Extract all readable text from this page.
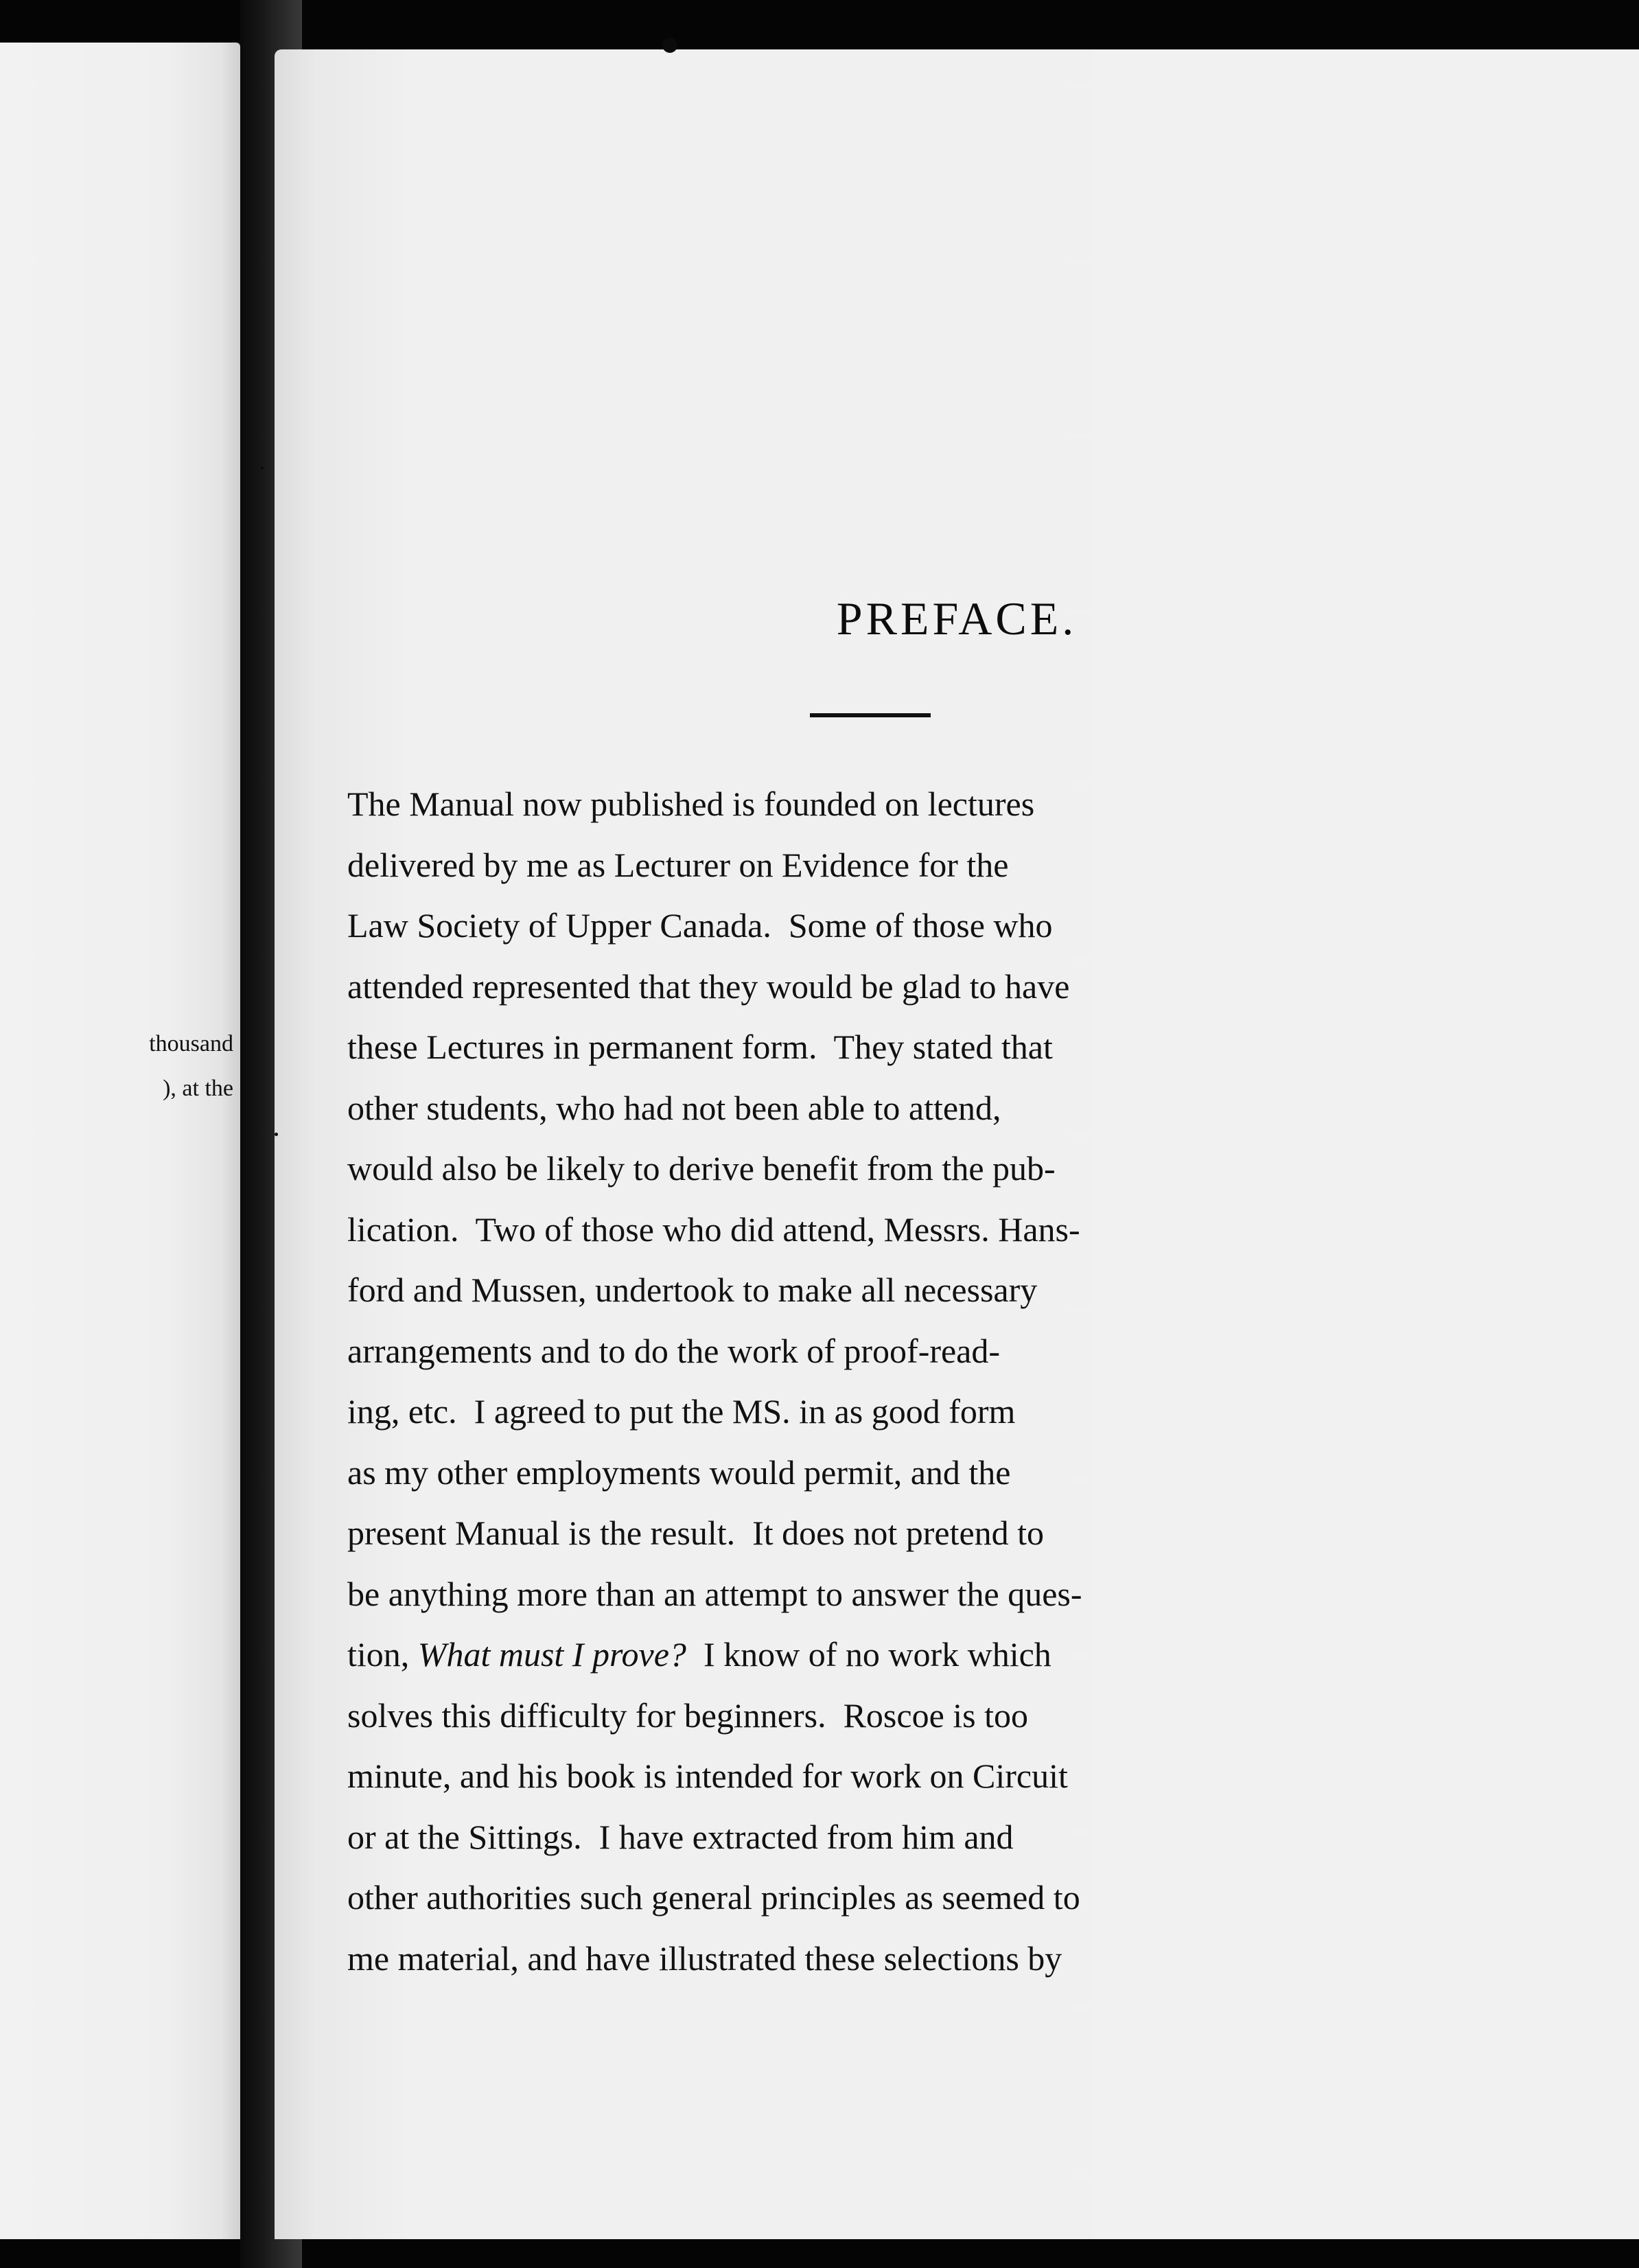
thousand
), at the
PREFACE.
The Manual now published is founded on lectures
delivered by me as Lecturer on Evidence for the
Law Society of Upper Canada.  Some of those who
attended represented that they would be glad to have
these Lectures in permanent form.  They stated that
other students, who had not been able to attend,
would also be likely to derive benefit from the pub-
lication.  Two of those who did attend, Messrs. Hans-
ford and Mussen, undertook to make all necessary
arrangements and to do the work of proof-read-
ing, etc.  I agreed to put the MS. in as good form
as my other employments would permit, and the
present Manual is the result.  It does not pretend to
be anything more than an attempt to answer the ques-
tion, What must I prove?  I know of no work which
solves this difficulty for beginners.  Roscoe is too
minute, and his book is intended for work on Circuit
or at the Sittings.  I have extracted from him and
other authorities such general principles as seemed to
me material, and have illustrated these selections by
